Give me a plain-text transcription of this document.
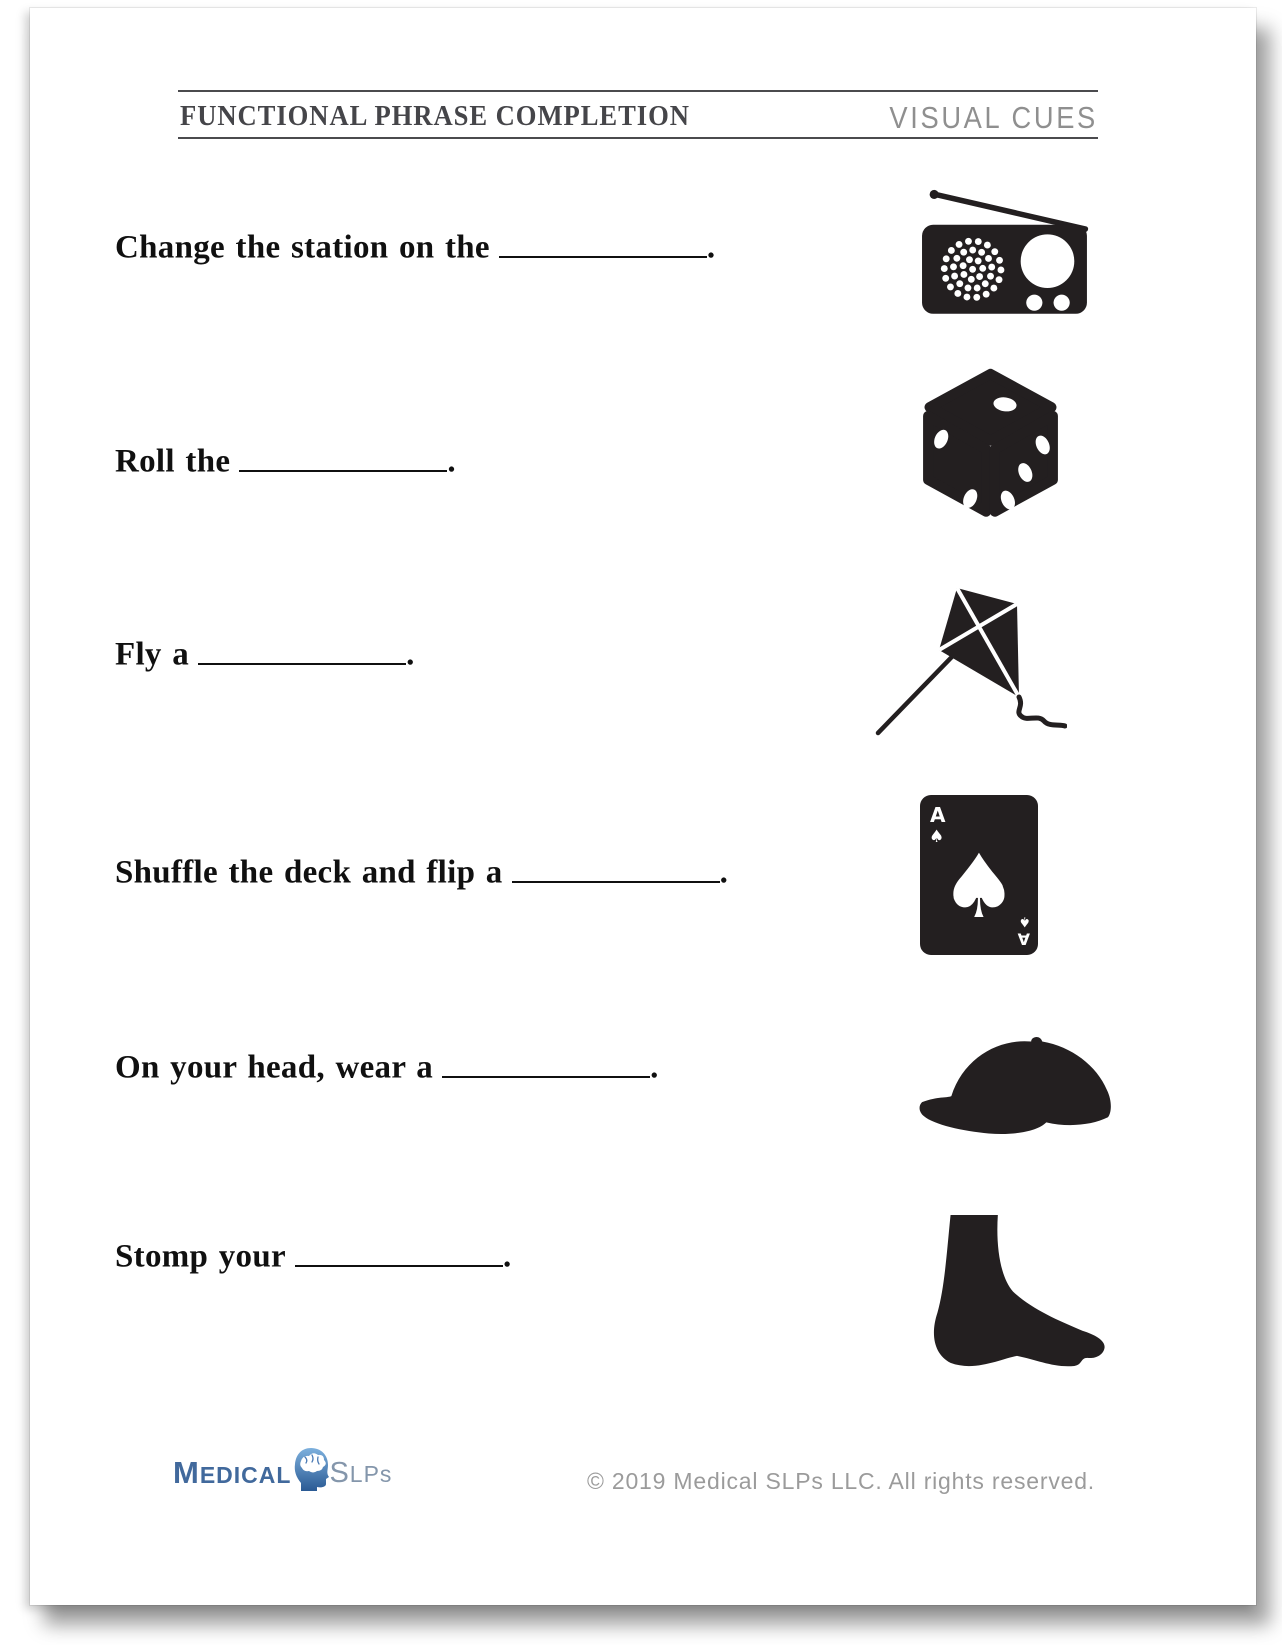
FUNCTIONAL PHRASE COMPLETION	VISUAL CUES
Change the station on the	.
Roll the	.
Fly a	.
Shuffle the deck and flip a	.
A
♠
♠
A
♠
On your head, wear a	.
Stomp your	.
MEDICAL SLPs	© 2019 Medical SLPs LLC. All rights reserved.
